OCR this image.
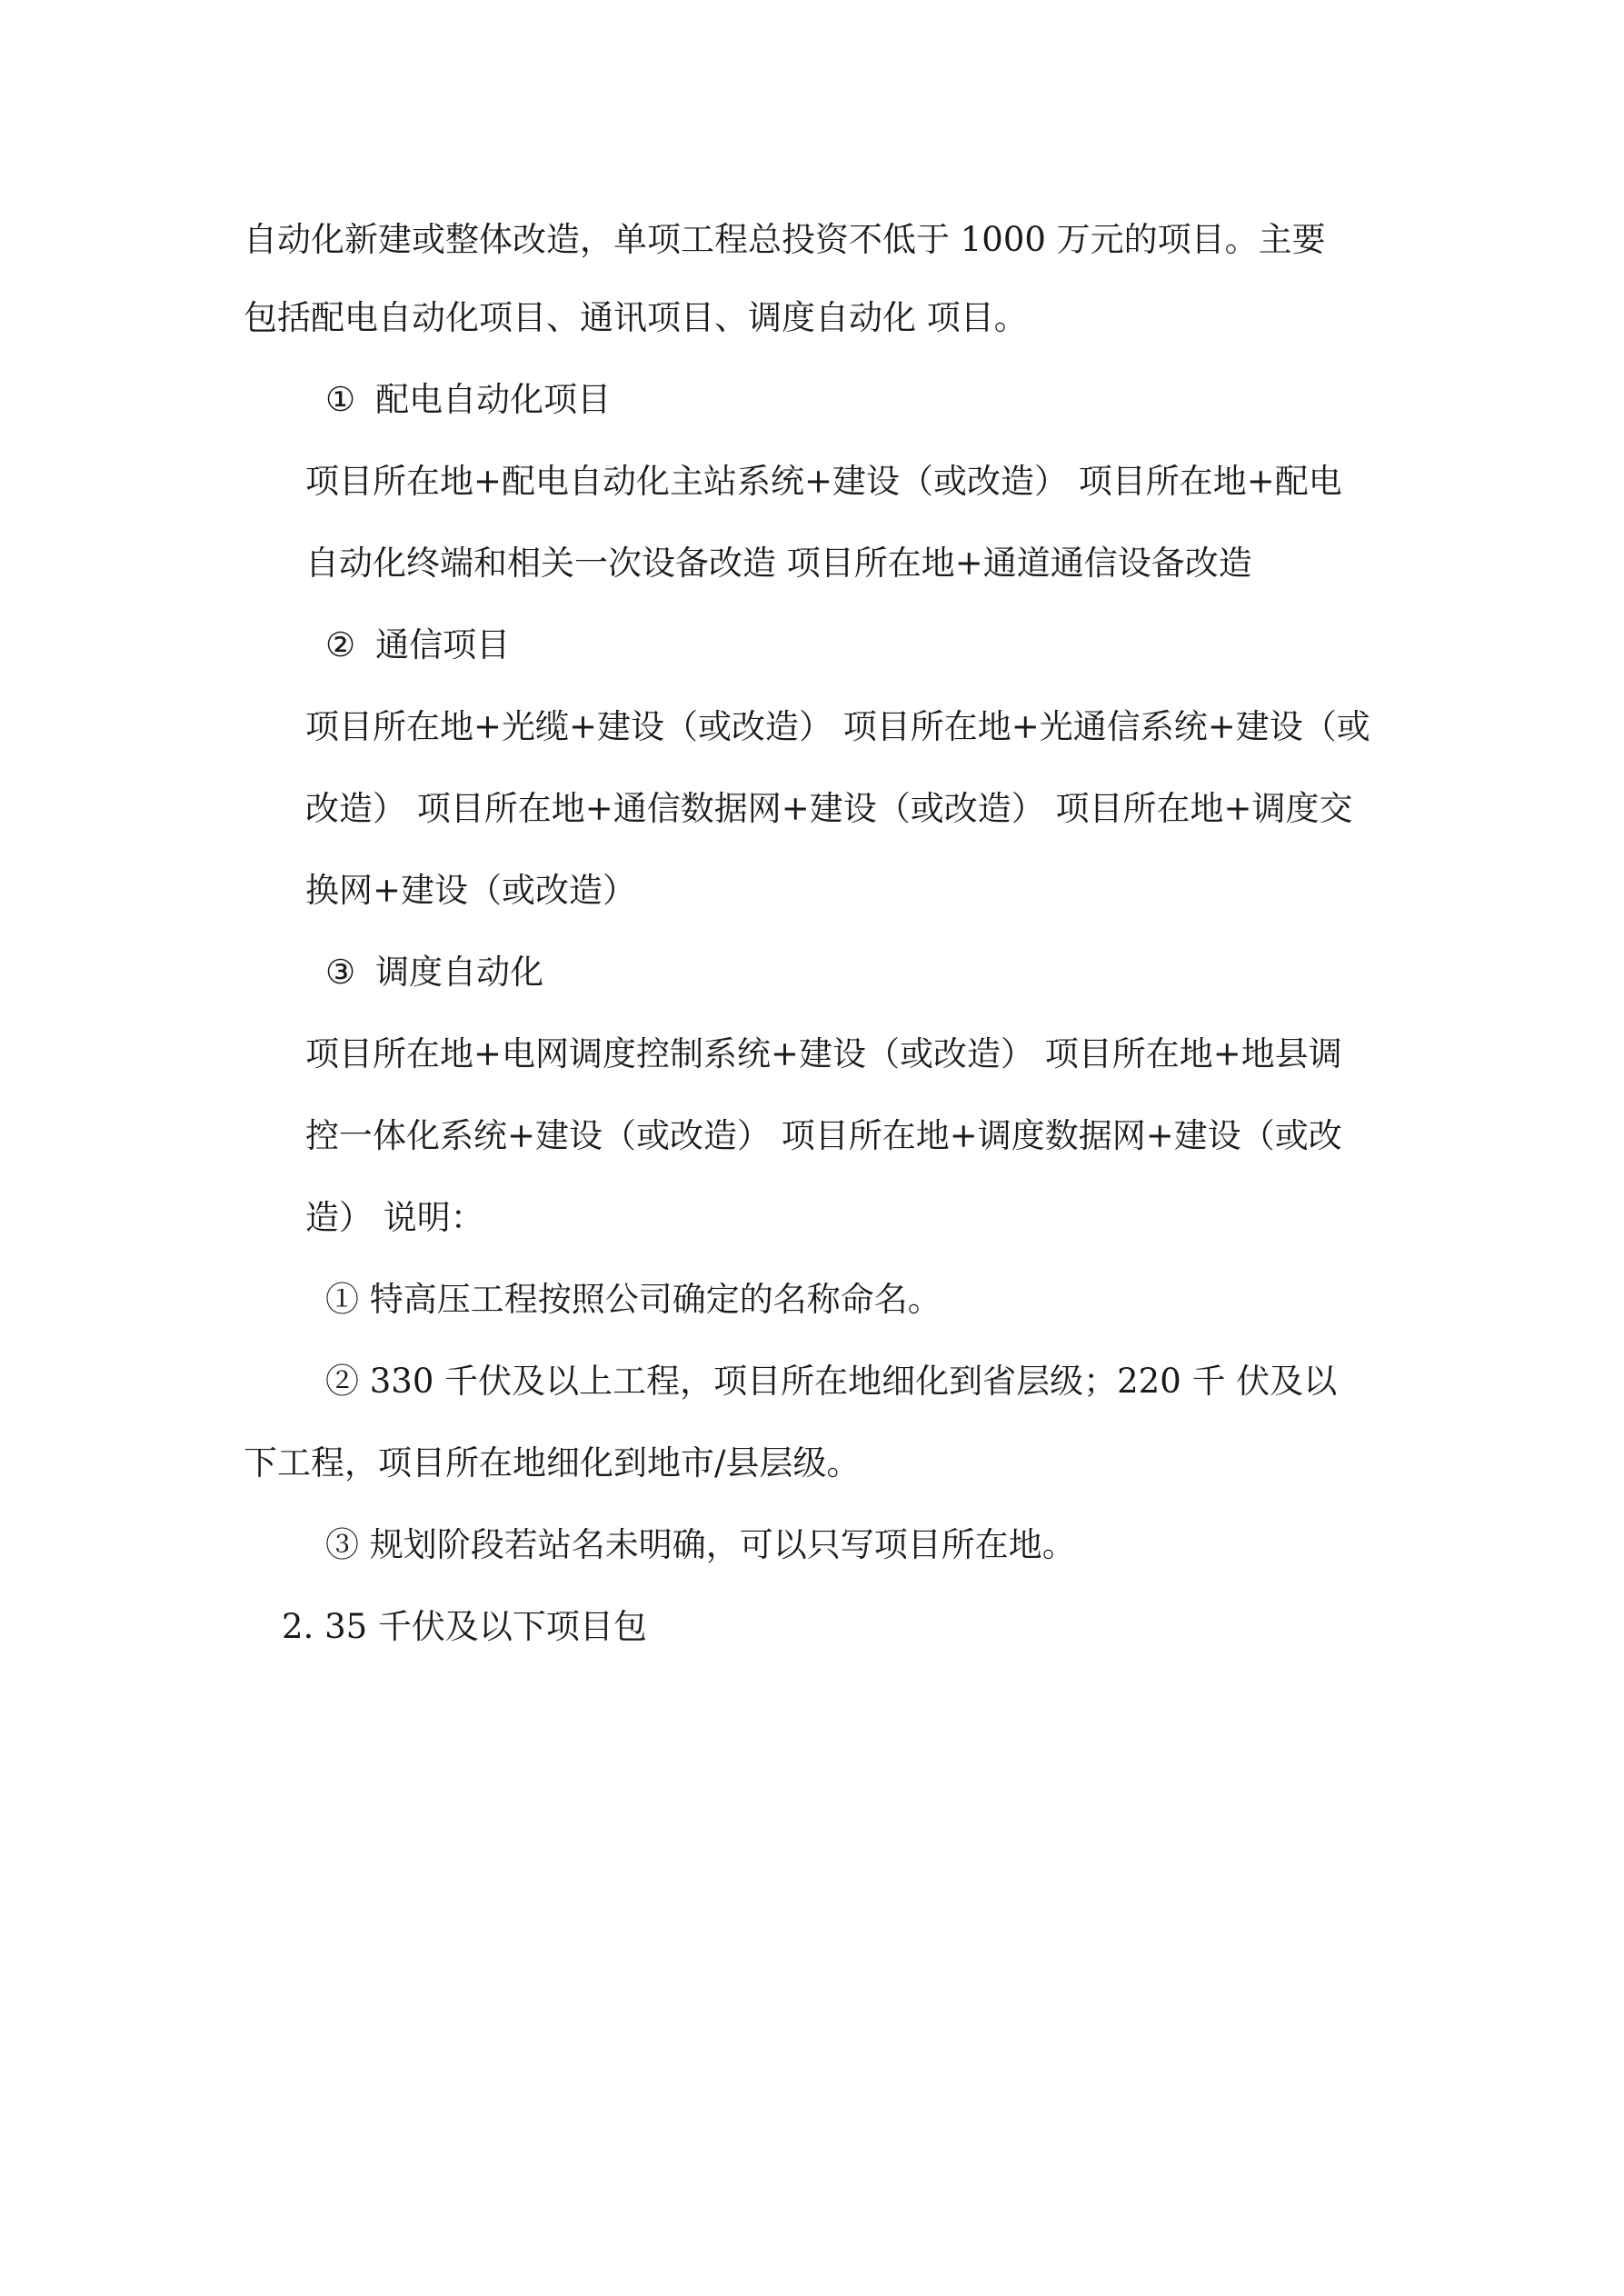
自动化新建或整体改造，单项工程总投资不低于 1000 万元的项目。主要

包括配电自动化项目、通讯项目、调度自动化 项目。

① 配电自动化项目

项目所在地+配电自动化主站系统+建设（或改造） 项目所在地+配电

自动化终端和相关一次设备改造 项目所在地+通道通信设备改造

② 通信项目

项目所在地+光缆+建设（或改造） 项目所在地+光通信系统+建设（或

改造） 项目所在地+通信数据网+建设（或改造） 项目所在地+调度交

换网+建设（或改造）

③ 调度自动化

项目所在地+电网调度控制系统+建设（或改造） 项目所在地+地县调

控一体化系统+建设（或改造） 项目所在地+调度数据网+建设（或改

造） 说明：

① 特高压工程按照公司确定的名称命名。

② 330 千伏及以上工程，项目所在地细化到省层级；220 千 伏及以

下工程，项目所在地细化到地市/县层级。

③ 规划阶段若站名未明确，可以只写项目所在地。

2. 35 千伏及以下项目包
